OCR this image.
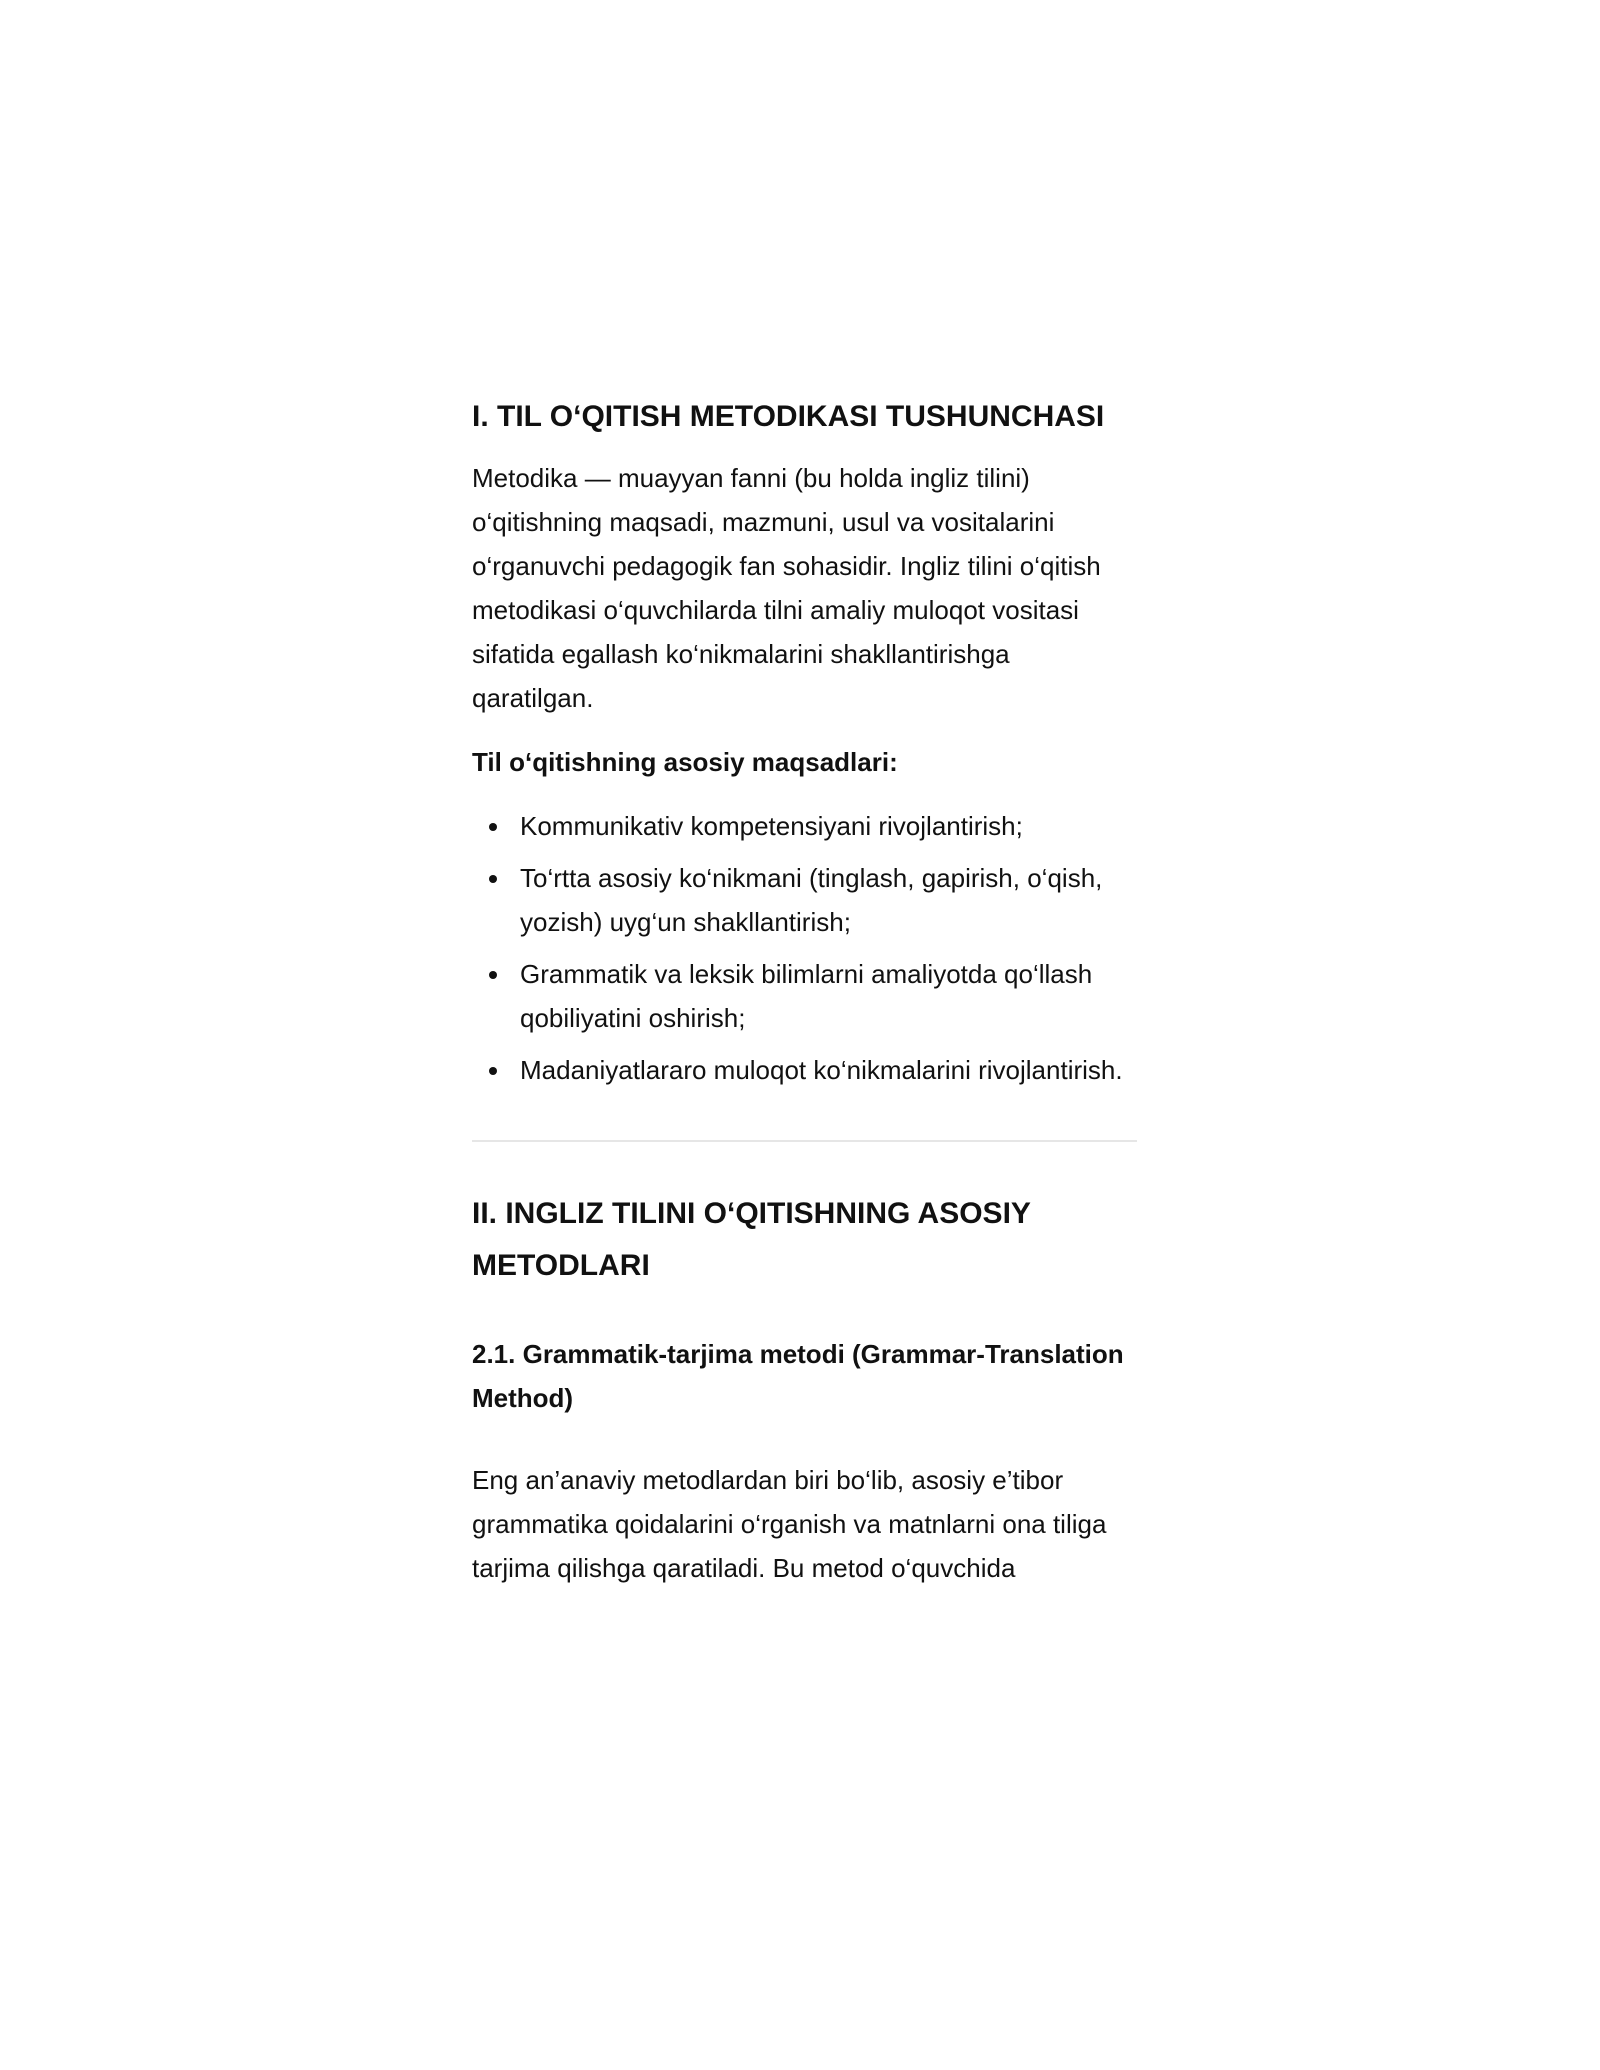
I. TIL O‘QITISH METODIKASI TUSHUNCHASI

Metodika — muayyan fanni (bu holda ingliz tilini) o‘qitishning maqsadi, mazmuni, usul va vositalarini o‘rganuvchi pedagogik fan sohasidir. Ingliz tilini o‘qitish metodikasi o‘quvchilarda tilni amaliy muloqot vositasi sifatida egallash ko‘nikmalarini shakllantirishga qaratilgan.

Til o‘qitishning asosiy maqsadlari:

Kommunikativ kompetensiyani rivojlantirish;
To‘rtta asosiy ko‘nikmani (tinglash, gapirish, o‘qish, yozish) uyg‘un shakllantirish;
Grammatik va leksik bilimlarni amaliyotda qo‘llash qobiliyatini oshirish;
Madaniyatlararo muloqot ko‘nikmalarini rivojlantirish.
II. INGLIZ TILINI O‘QITISHNING ASOSIY METODLARI
2.1. Grammatik-tarjima metodi (Grammar-Translation Method)

Eng an’anaviy metodlardan biri bo‘lib, asosiy e’tibor grammatika qoidalarini o‘rganish va matnlarni ona tiliga tarjima qilishga qaratiladi. Bu metod o‘quvchida
